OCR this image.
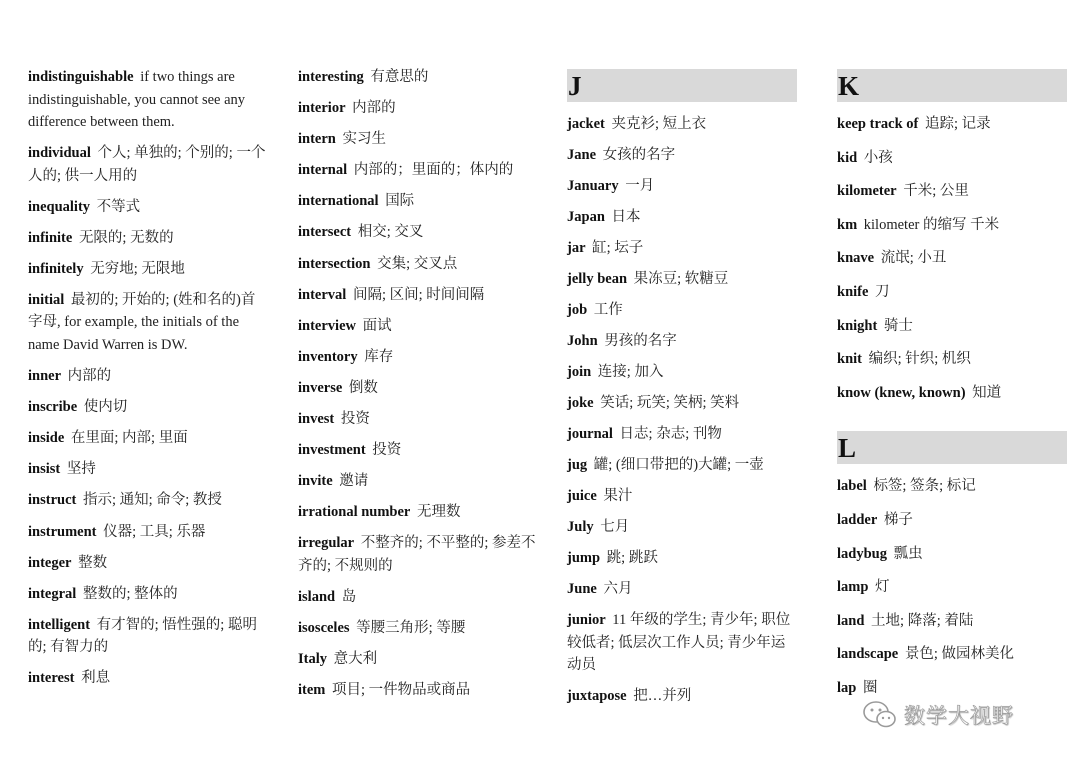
indistinguishable if two things are indistinguishable, you cannot see any difference between them.
individual 个人; 单独的; 个别的; 一个人的; 供一人用的
inequality 不等式
infinite 无限的; 无数的
infinitely 无穷地; 无限地
initial 最初的; 开始的; (姓和名的)首字母, for example, the initials of the name David Warren is DW.
inner 内部的
inscribe 使内切
inside 在里面; 内部; 里面
insist 坚持
instruct 指示; 通知; 命令; 教授
instrument 仪器; 工具; 乐器
integer 整数
integral 整数的; 整体的
intelligent 有才智的; 悟性强的; 聪明的; 有智力的
interest 利息
interesting 有意思的
interior 内部的
intern 实习生
internal 内部的；里面的；体内的
international 国际
intersect 相交; 交叉
intersection 交集; 交叉点
interval 间隔; 区间; 时间间隔
interview 面试
inventory 库存
inverse 倒数
invest 投资
investment 投资
invite 邀请
irrational number 无理数
irregular 不整齐的; 不平整的; 参差不齐的; 不规则的
island 岛
isosceles 等腰三角形; 等腰
Italy 意大利
item 项目; 一件物品或商品
J
jacket 夹克衫; 短上衣
Jane 女孩的名字
January 一月
Japan 日本
jar 缸; 坛子
jelly bean 果冻豆; 软糖豆
job 工作
John 男孩的名字
join 连接; 加入
joke 笑话; 玩笑; 笑柄; 笑料
journal 日志; 杂志; 刊物
jug 罐; (细口带把的)大罐; 一壶
juice 果汁
July 七月
jump 跳; 跳跃
June 六月
junior 11 年级的学生; 青少年; 职位较低者; 低层次工作人员; 青少年运动员
juxtapose 把…并列
K
keep track of 追踪; 记录
kid 小孩
kilometer 千米; 公里
km kilometer 的缩写 千米
knave 流氓; 小丑
knife 刀
knight 骑士
knit 编织; 针织; 机织
know (knew, known) 知道
L
label 标签; 签条; 标记
ladder 梯子
ladybug 瓢虫
lamp 灯
land 土地; 降落; 着陆
landscape 景色; 做园林美化
lap 圈
数学大视野
